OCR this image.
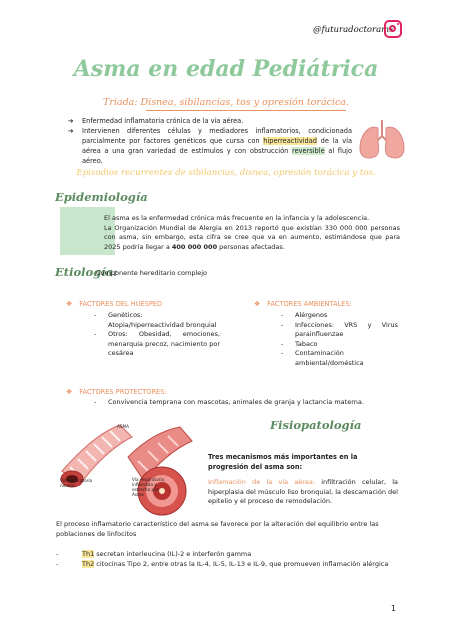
@futuradoctoramx
Asma en edad Pediátrica
Triada: Disnea, sibilancias, tos y opresión torácica.
➔	Enfermedad inflamatoria crónica de la vía aérea.
➔	Intervienen diferentes células y mediadores inflamatorios, condicionada parcialmente por factores genéticos que cursa con hiperreactividad de la vía aérea a una gran variedad de estímulos y con obstrucción reversible al flujo aéreo.
Episodios recurrentes de sibilancias, disnea, opresión torácica y tos.
Epidemiología
El asma es la enfermedad crónica más frecuente en la infancia y la adolescencia.
La Organización Mundial de Alergia en 2013 reportó que existían 330 000 000 personas con asma, sin embargo, esta cifra se cree que va en aumento, estimándose que para 2025 podría llegar a 400 000 000 personas afectadas.
Etiología:
Componente hereditario complejo
❖ FACTORES DEL HUÉSPED
-	Genéticos: Atopia/hiperreactividad bronquial
-	Otros: Obesidad, emociones, menarquia precoz, nacimiento por cesárea
❖ FACTORES AMBIENTALES:
-	Alérgenos
-	Infecciones: VRS y Virus parainfluenzae
-	Tabaco
-	Contaminación ambiental/doméstica
❖ FACTORES PROTECTORES:
-	Convivencia temprana con mascotas, animales de granja y lactancia materna.
Fisiopatología
ASMA
Vía respiratoria normal
Vía respiratoria inflamada y estrecha por Asma
Tres mecanismos más importantes en la progresión del asma son:
Inflamación de la vía aérea: infiltración celular, la hiperplasia del músculo liso bronquial, la descamación del epitelio y el proceso de remodelación.
El proceso inflamatorio característico del asma se favorece por la alteración del equilibrio entre las poblaciones de linfocitos
-	Th1 secretan interleucina (IL)-2 e interferón gamma
-	Th2 citocinas Tipo 2, entre otras la IL-4, IL-5, IL-13 e IL-9, que promueven inflamación alérgica
1
